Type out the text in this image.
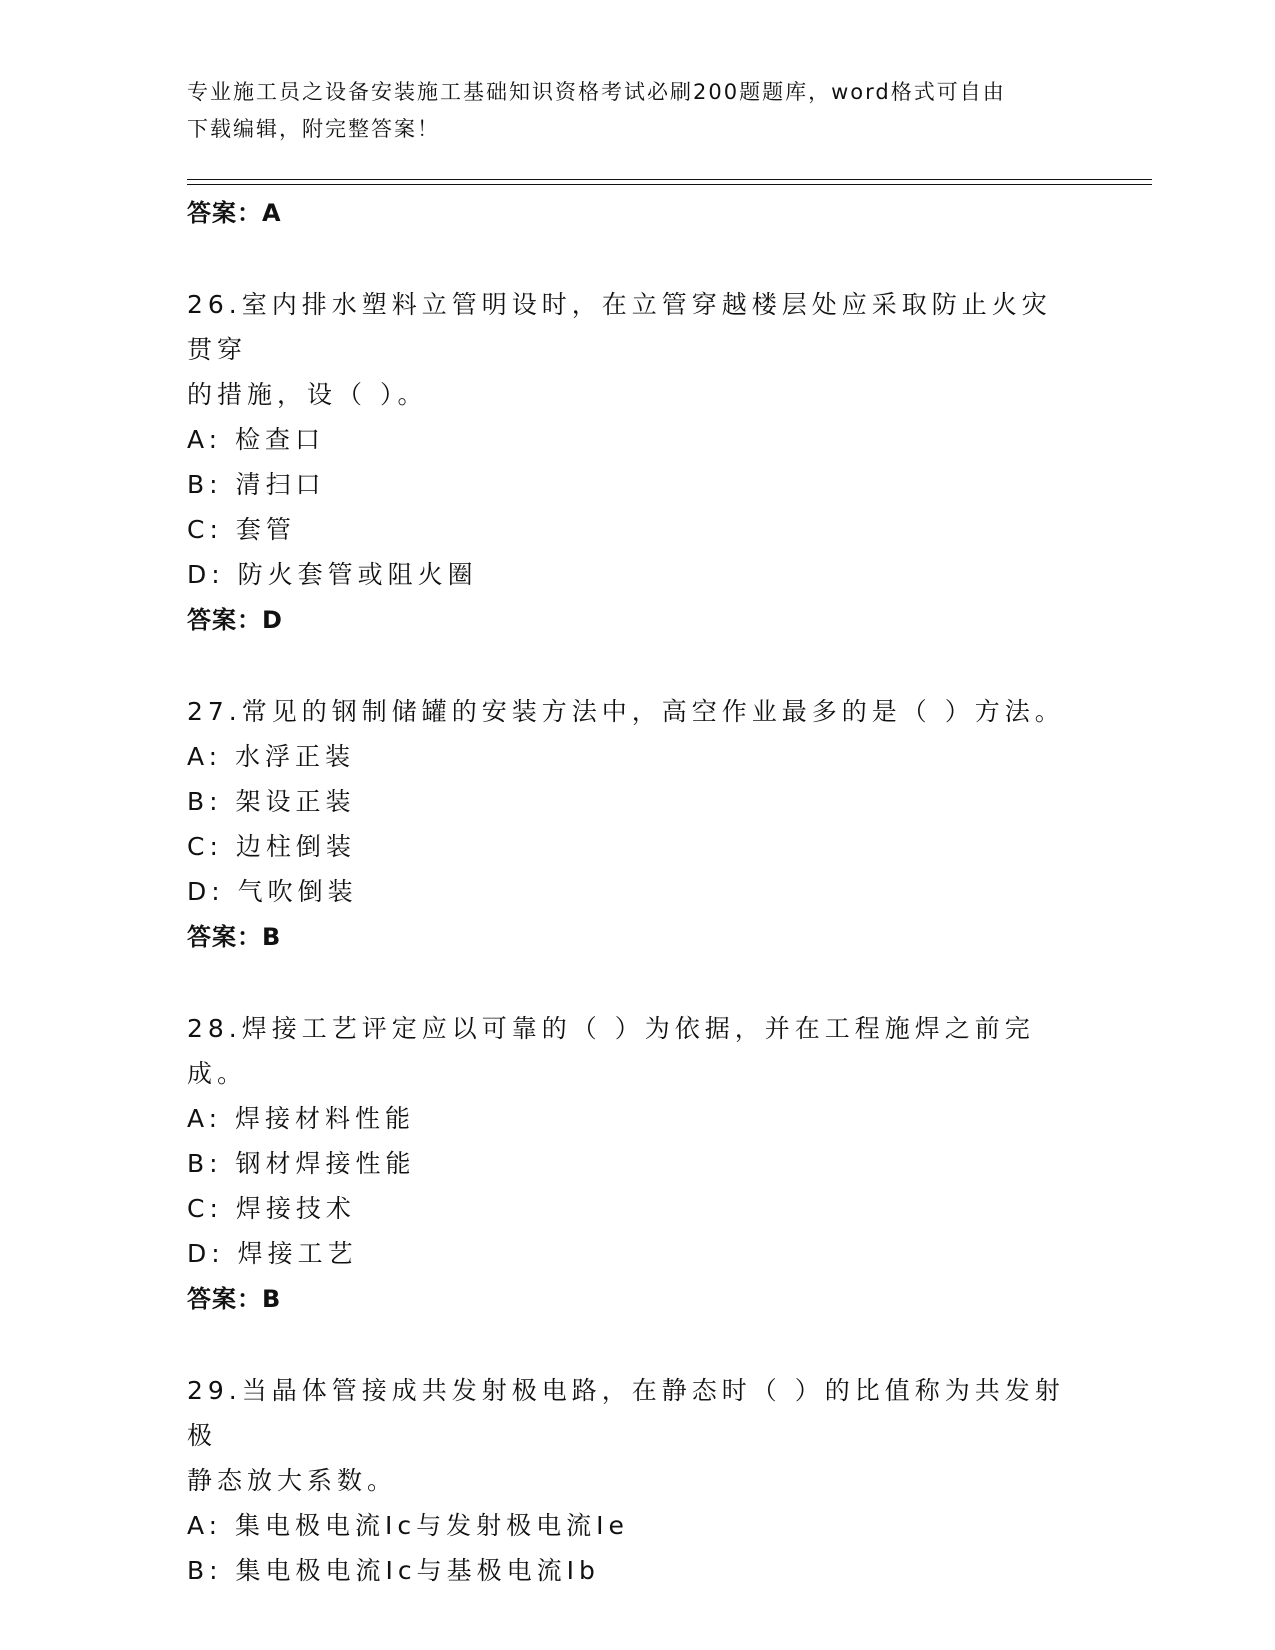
专业施工员之设备安装施工基础知识资格考试必刷200题题库，word格式可自由
下载编辑，附完整答案！
答案：A
26.室内排水塑料立管明设时，在立管穿越楼层处应采取防止火灾贯穿
的措施，设（ ）。
A: 检查口
B: 清扫口
C: 套管
D: 防火套管或阻火圈
答案：D
27.常见的钢制储罐的安装方法中，高空作业最多的是（ ）方法。
A: 水浮正装
B: 架设正装
C: 边柱倒装
D: 气吹倒装
答案：B
28.焊接工艺评定应以可靠的（ ）为依据，并在工程施焊之前完成。
A: 焊接材料性能
B: 钢材焊接性能
C: 焊接技术
D: 焊接工艺
答案：B
29.当晶体管接成共发射极电路，在静态时（ ）的比值称为共发射极
静态放大系数。
A: 集电极电流Ic与发射极电流Ie
B: 集电极电流Ic与基极电流Ib
